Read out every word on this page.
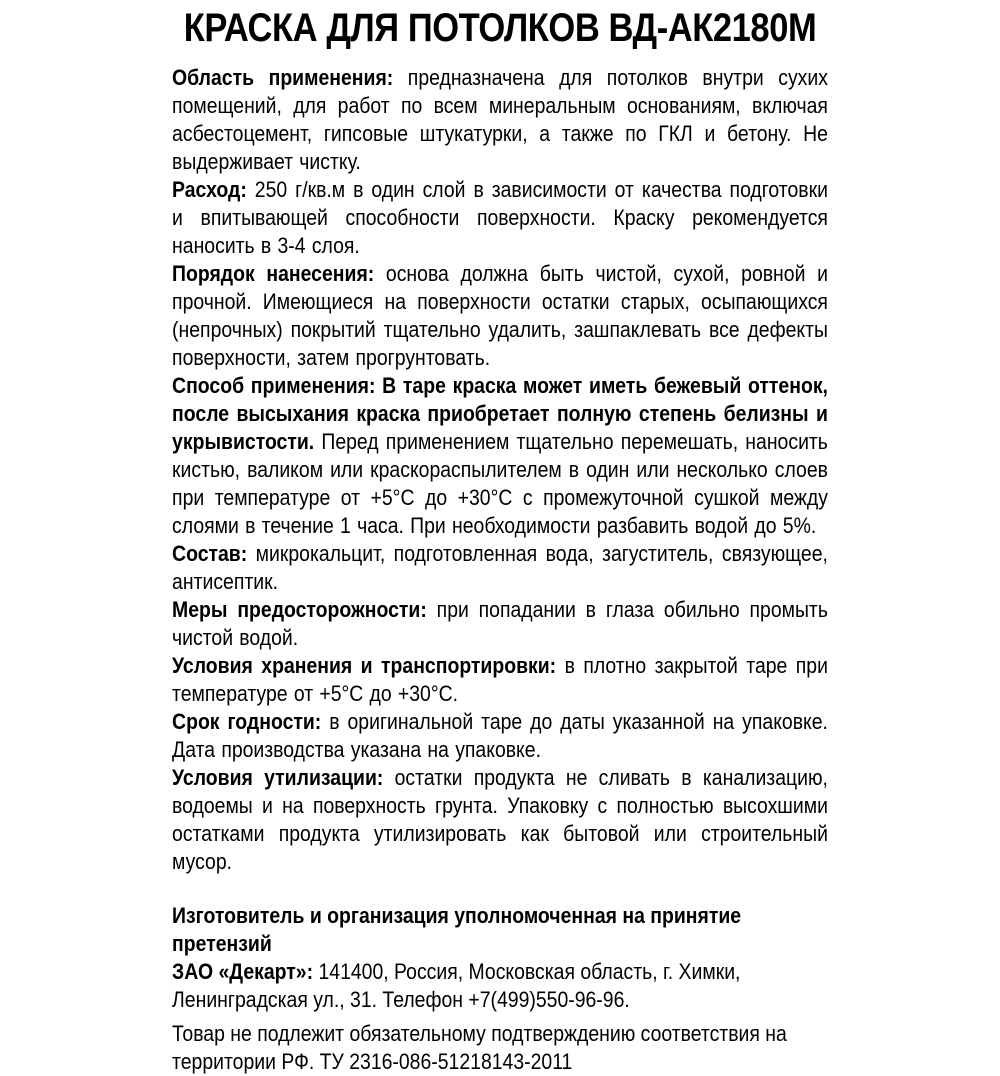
КРАСКА ДЛЯ ПОТОЛКОВ ВД-АК2180М

Область применения: предназначена для потолков внутри сухих помещений, для работ по всем минеральным основаниям, включая асбестоцемент, гипсовые штукатурки, а также по ГКЛ и бетону. Не выдерживает чистку.

Расход: 250 г/кв.м в один слой в зависимости от качества подготовки и впитывающей способности поверхности. Краску рекомендуется наносить в 3-4 слоя.

Порядок нанесения: основа должна быть чистой, сухой, ровной и прочной. Имеющиеся на поверхности остатки старых, осыпающихся (непрочных) покрытий тщательно удалить, зашпаклевать все дефекты поверхности, затем прогрунтовать.

Способ применения: В таре краска может иметь бежевый оттенок, после высыхания краска приобретает полную степень белизны и укрывистости. Перед применением тщательно перемешать, наносить кистью, валиком или краскораспылителем в один или несколько слоев при температуре от +5°С до +30°С с промежуточной сушкой между слоями в течение 1 часа. При необходимости разбавить водой до 5%.

Состав: микрокальцит, подготовленная вода, загуститель, связующее, антисептик.

Меры предосторожности: при попадании в глаза обильно промыть чистой водой.

Условия хранения и транспортировки: в плотно закрытой таре при температуре от +5°С до +30°С.

Срок годности: в оригинальной таре до даты указанной на упаковке. Дата производства указана на упаковке.

Условия утилизации: остатки продукта не сливать в канализацию, водоемы и на поверхность грунта. Упаковку с полностью высохшими остатками продукта утилизировать как бытовой или строительный мусор.

Изготовитель и организация уполномоченная на принятие претензий
ЗАО «Декарт»: 141400, Россия, Московская область, г. Химки,
Ленинградская ул., 31. Телефон +7(499)550-96-96.

Товар не подлежит обязательному подтверждению соответствия на территории РФ. ТУ 2316-086-51218143-2011
